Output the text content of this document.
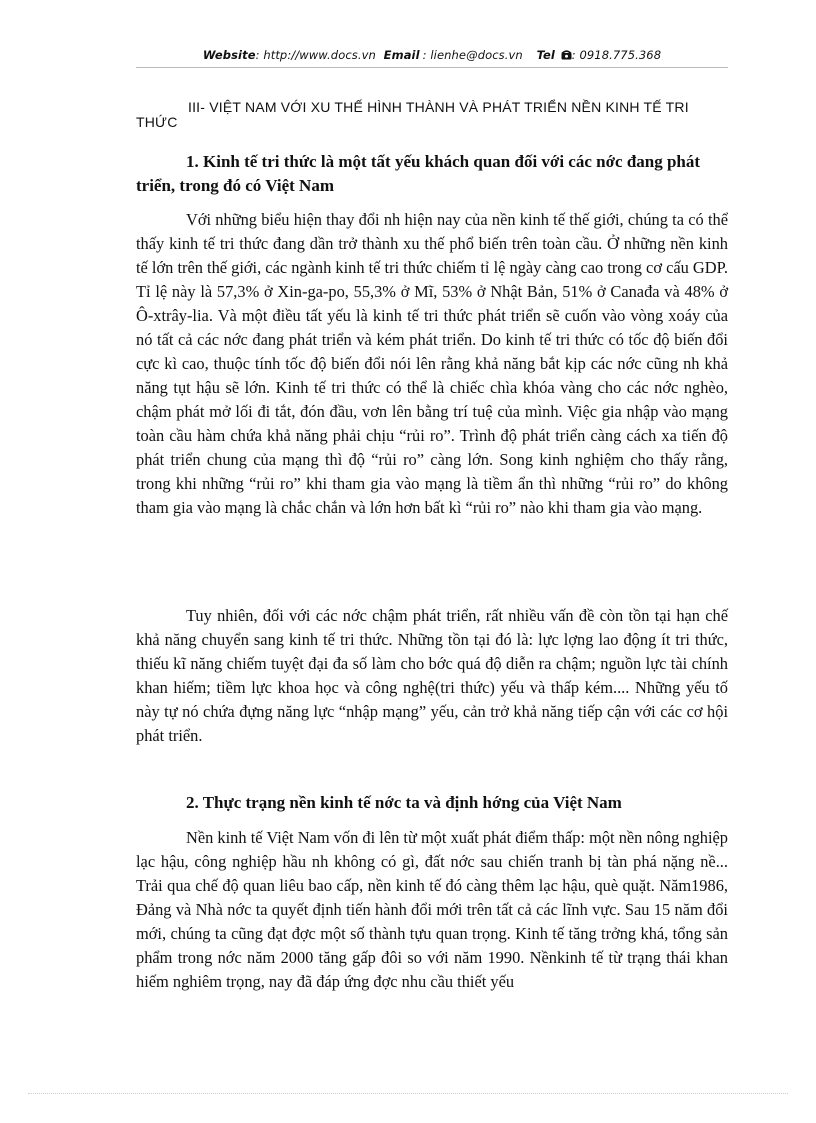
Website: http://www.docs.vn Email : lienhe@docs.vn Tel : 0918.775.368
III- VIỆT NAM VỚI XU THẾ HÌNH THÀNH VÀ PHÁT TRIỂN NỀN KINH TẾ TRI THỨC
1. Kinh tế tri thức là một tất yếu khách quan đối với các nớc đang phát triển, trong đó có Việt Nam

Với những biểu hiện thay đổi nh hiện nay của nền kinh tế thế giới, chúng ta có thể thấy kinh tế tri thức đang dần trở thành xu thế phổ biến trên toàn cầu. Ở những nền kinh tế lớn trên thế giới, các ngành kinh tế tri thức chiếm tỉ lệ ngày càng cao trong cơ cấu GDP. Tỉ lệ này là 57,3% ở Xin-ga-po, 55,3% ở Mĩ, 53% ở Nhật Bản, 51% ở Canađa và 48% ở Ô-xtrây-lia. Và một điều tất yếu là kinh tế tri thức phát triển sẽ cuốn vào vòng xoáy của nó tất cả các nớc đang phát triển và kém phát triển. Do kinh tế tri thức có tốc độ biến đổi cực kì cao, thuộc tính tốc độ biến đổi nói lên rằng khả năng bắt kịp các nớc cũng nh khả năng tụt hậu sẽ lớn. Kinh tế tri thức có thể là chiếc chìa khóa vàng cho các nớc nghèo, chậm phát mở lối đi tắt, đón đầu, vơn lên bằng trí tuệ của mình. Việc gia nhập vào mạng toàn cầu hàm chứa khả năng phải chịu “rủi ro”. Trình độ phát triển càng cách xa tiến độ phát triển chung của mạng thì độ “rủi ro” càng lớn. Song kinh nghiệm cho thấy rằng, trong khi những “rủi ro” khi tham gia vào mạng là tiềm ẩn thì những “rủi ro” do không tham gia vào mạng là chắc chắn và lớn hơn bất kì “rủi ro” nào khi tham gia vào mạng.

Tuy nhiên, đối với các nớc chậm phát triển, rất nhiều vấn đề còn tồn tại hạn chế khả năng chuyển sang kinh tế tri thức. Những tồn tại đó là: lực lợng lao động ít tri thức, thiếu kĩ năng chiếm tuyệt đại đa số làm cho bớc quá độ diễn ra chậm; nguồn lực tài chính khan hiếm; tiềm lực khoa học và công nghệ(tri thức) yếu và thấp kém.... Những yếu tố này tự nó chứa đựng năng lực “nhập mạng” yếu, cản trở khả năng tiếp cận với các cơ hội phát triển.

2. Thực trạng nền kinh tế nớc ta và định hớng của Việt Nam

Nền kinh tế Việt Nam vốn đi lên từ một xuất phát điểm thấp: một nền nông nghiệp lạc hậu, công nghiệp hầu nh không có gì, đất nớc sau chiến tranh bị tàn phá nặng nề... Trải qua chế độ quan liêu bao cấp, nền kinh tế đó càng thêm lạc hậu, què quặt. Năm1986, Đảng và Nhà nớc ta quyết định tiến hành đổi mới trên tất cả các lĩnh vực. Sau 15 năm đổi mới, chúng ta cũng đạt đợc một số thành tựu quan trọng. Kinh tế tăng trởng khá, tổng sản phẩm trong nớc năm 2000 tăng gấp đôi so với năm 1990. Nềnkinh tế từ trạng thái khan hiếm nghiêm trọng, nay đã đáp ứng đợc nhu cầu thiết yếu
